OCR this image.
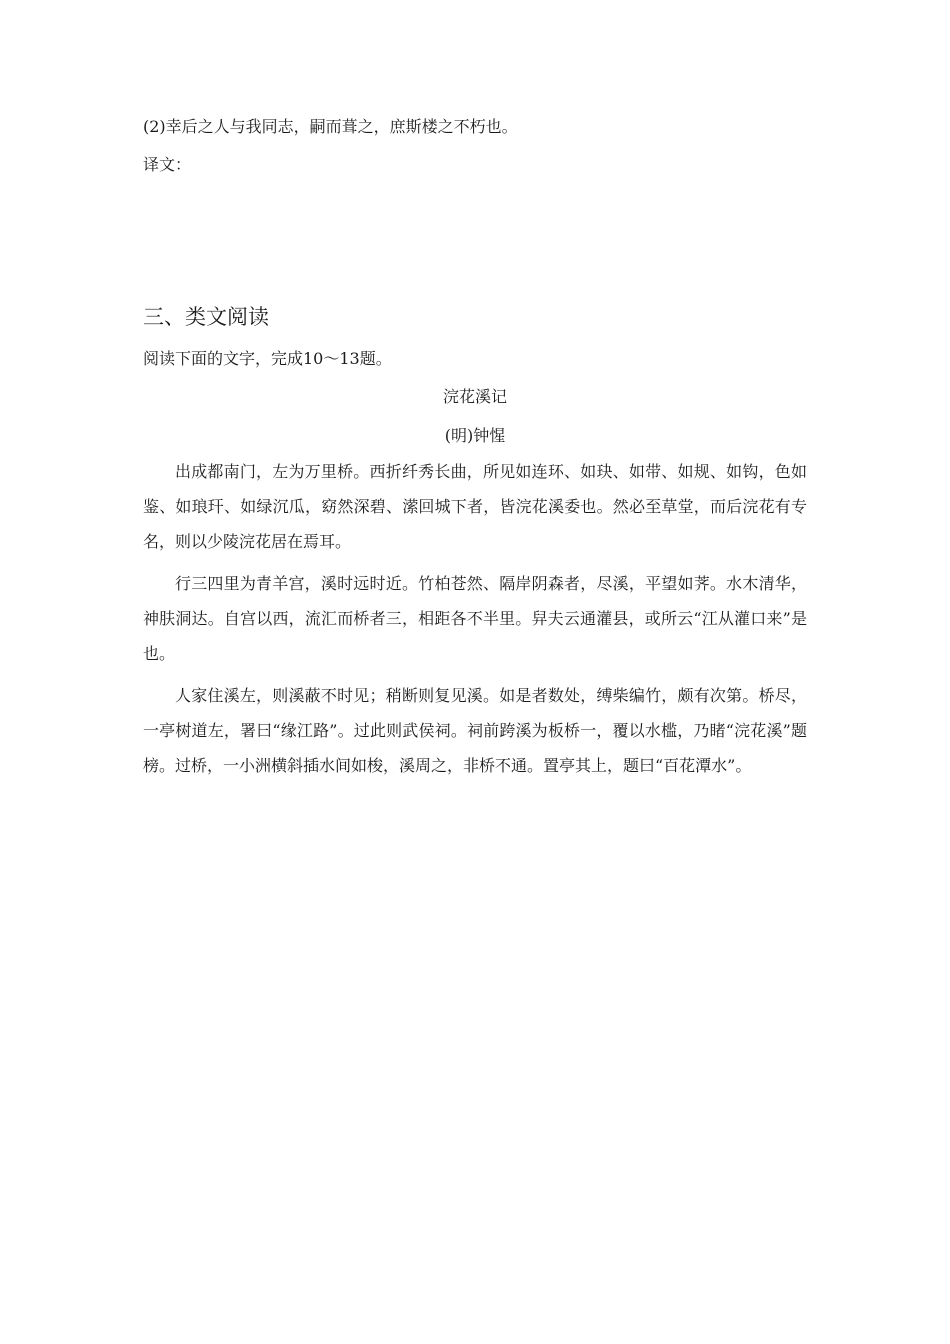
(2)幸后之人与我同志，嗣而葺之，庶斯楼之不朽也。
译文：
三、类文阅读
阅读下面的文字，完成10～13题。
浣花溪记
(明)钟惺

出成都南门，左为万里桥。西折纤秀长曲，所见如连环、如玦、如带、如规、如钩，色如鉴、如琅玕、如绿沉瓜，窈然深碧、潆回城下者，皆浣花溪委也。然必至草堂，而后浣花有专名，则以少陵浣花居在焉耳。

行三四里为青羊宫，溪时远时近。竹柏苍然、隔岸阴森者，尽溪，平望如荠。水木清华，神肤洞达。自宫以西，流汇而桥者三，相距各不半里。舁夫云通灌县，或所云“江从灌口来”是也。

人家住溪左，则溪蔽不时见；稍断则复见溪。如是者数处，缚柴编竹，颇有次第。桥尽，一亭树道左，署曰“缘江路”。过此则武侯祠。祠前跨溪为板桥一，覆以水槛，乃睹“浣花溪”题榜。过桥，一小洲横斜插水间如梭，溪周之，非桥不通。置亭其上，题曰“百花潭水”。
